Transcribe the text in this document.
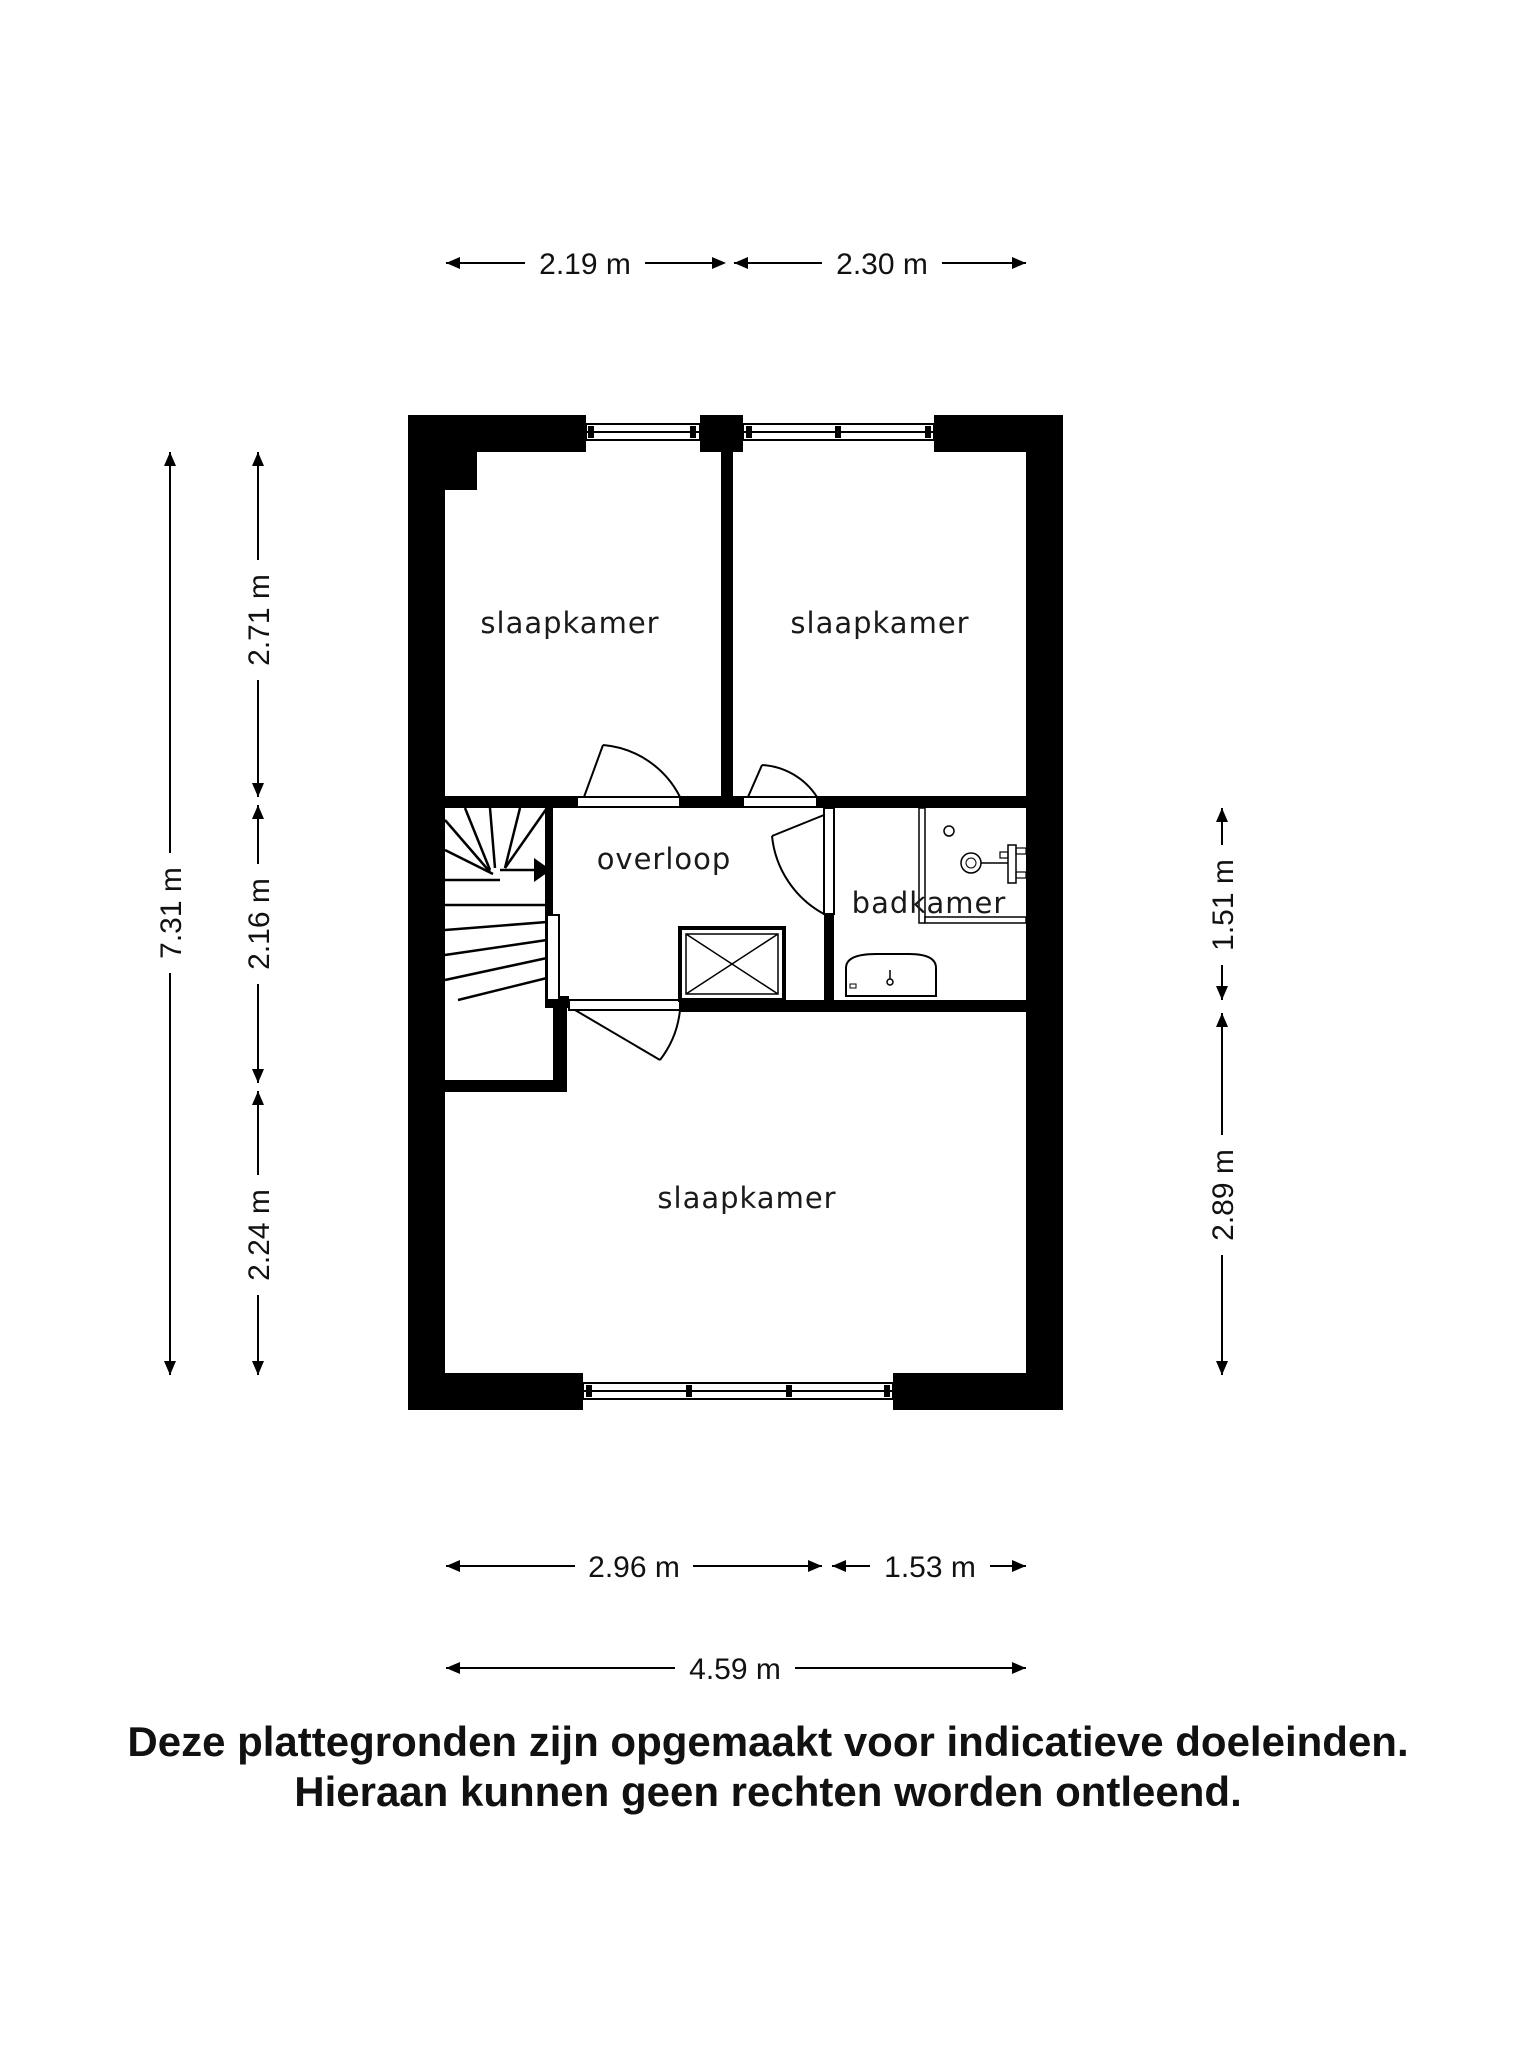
slaapkamer	slaapkamer
overloop
badkamer
slaapkamer
2.19 m	2.30 m
2.96 m	1.53 m
4.59 m
7.31 m
2.71 m
2.16 m
2.24 m
1.51 m
2.89 m
Deze plattegronden zijn opgemaakt voor indicatieve doeleinden.
Hieraan kunnen geen rechten worden ontleend.
